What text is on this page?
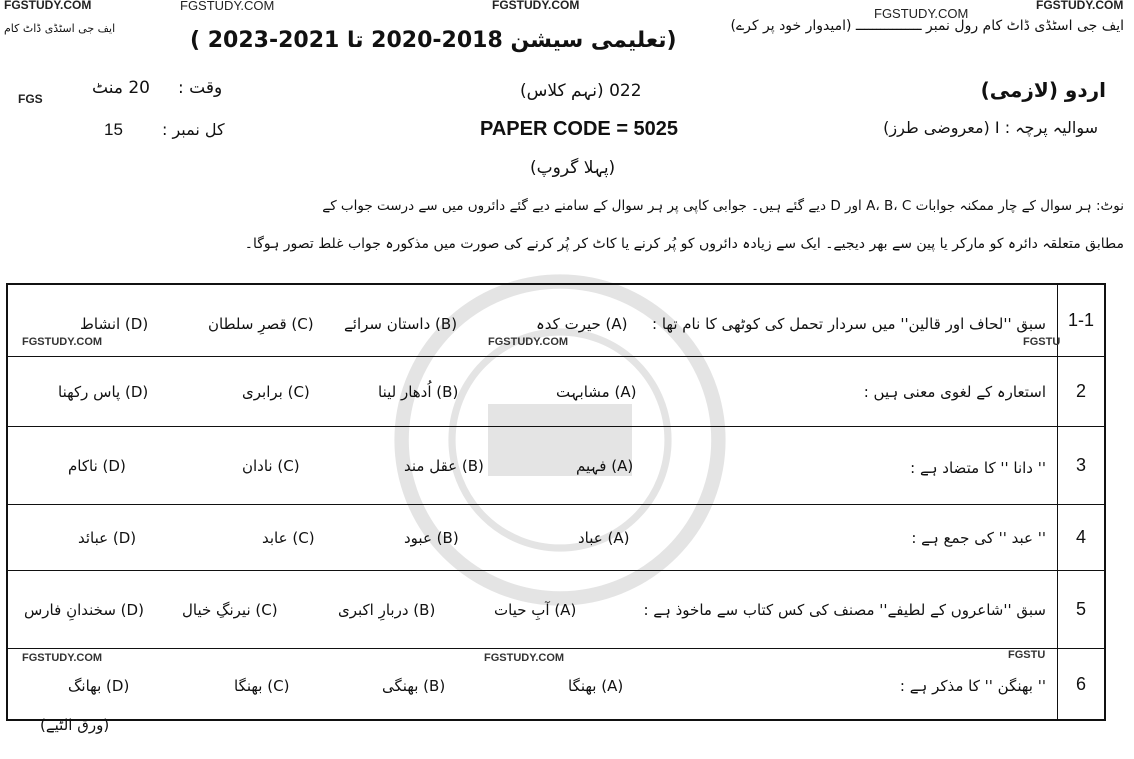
FGSTUDY.COM	FGSTUDY.COM	FGSTUDY.COM	FGSTUDY.COM
FGSTUDY.COM
ایف جی اسٹڈی ڈاٹ کام رول نمبر ــــــــــــــــ (امیدوار خود پر کرے)
ایف جی اسٹڈی ڈاٹ کام	(تعلیمی سیشن 2018-2020 تا 2021-2023 )
اردو (لازمی)
022 (نہم کلاس)
FGS
20 منٹ وقت :
سوالیہ پرچہ : I (معروضی طرز)
PAPER CODE = 5025
15 کل نمبر :
(پہلا گروپ)
نوٹ: ہر سوال کے چار ممکنہ جوابات A، B، C اور D دیے گئے ہیں۔ جوابی کاپی پر ہر سوال کے سامنے دیے گئے دائروں میں سے درست جواب کے
مطابق متعلقہ دائرہ کو مارکر یا پین سے بھر دیجیے۔ ایک سے زیادہ دائروں کو پُر کرنے یا کاٹ کر پُر کرنے کی صورت میں مذکورہ جواب غلط تصور ہوگا۔
1-1
سبق ''لحاف اور قالین'' میں سردار تحمل کی کوٹھی کا نام تھا :
(A) حیرت کدہ
(B) داستان سرائے
(C) قصرِ سلطان
(D) انشاط
FGSTUDY.COM	FGSTUDY.COM	FGSTU
2
استعارہ کے لغوی معنی ہیں :
(A) مشابہت
(B) اُدھار لینا
(C) برابری
(D) پاس رکھنا
3
'' دانا '' کا متضاد ہے :
(A) فہیم
(B) عقل مند
(C) نادان
(D) ناکام
4
'' عبد '' کی جمع ہے :
(A) عباد
(B) عبود
(C) عابد
(D) عبائد
5
سبق ''شاعروں کے لطیفے'' مصنف کی کس کتاب سے ماخوذ ہے :
(A) آبِ حیات
(B) دربارِ اکبری
(C) نیرنگِ خیال
(D) سخندانِ فارس
6
'' بھنگن '' کا مذکر ہے :
(A) بھنگا
(B) بھنگی
(C) بھنگا
(D) بھانگ
FGSTUDY.COM	FGSTUDY.COM	FGSTU
(ورق الٹیے)
